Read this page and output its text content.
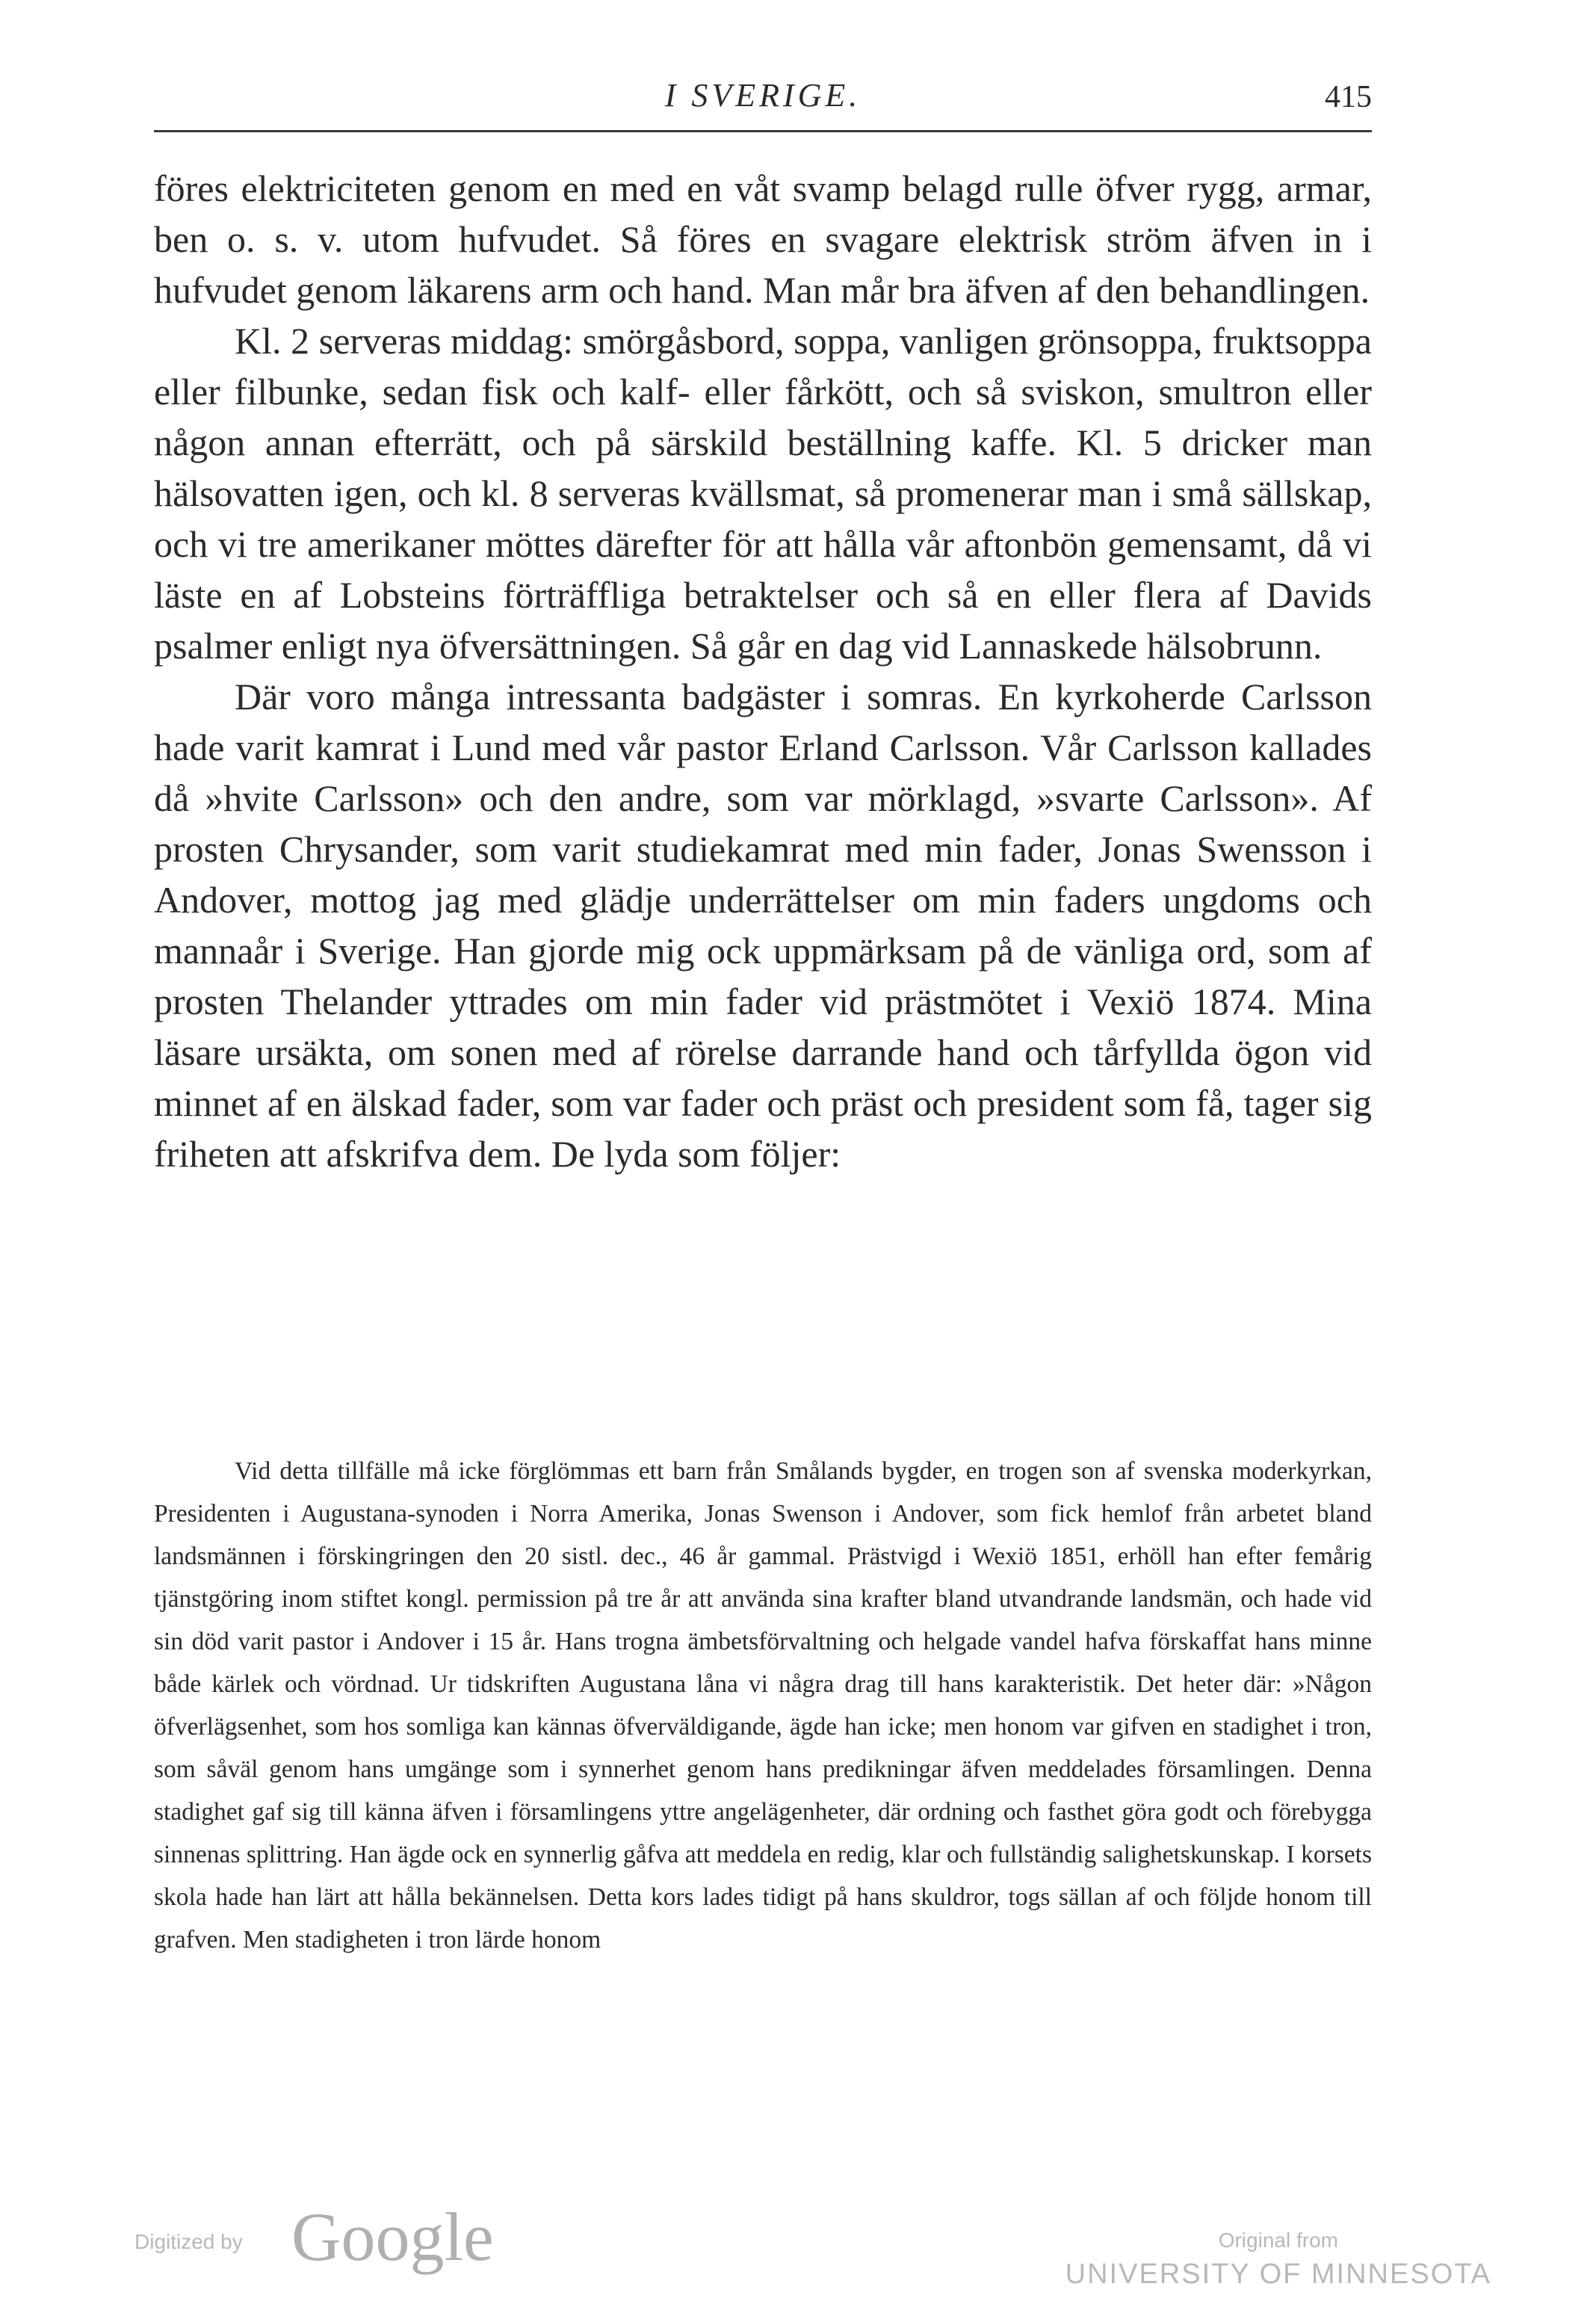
I SVERIGE.	415

föres elektriciteten genom en med en våt svamp belagd rulle öfver rygg, armar, ben o. s. v. utom hufvudet. Så föres en svagare elektrisk ström äfven in i hufvudet genom läkarens arm och hand. Man mår bra äfven af den behandlingen.

Kl. 2 serveras middag: smörgåsbord, soppa, vanligen grönsoppa, fruktsoppa eller filbunke, sedan fisk och kalf- eller fårkött, och så sviskon, smultron eller någon annan efterrätt, och på särskild beställning kaffe. Kl. 5 dricker man hälsovatten igen, och kl. 8 serveras kvällsmat, så promenerar man i små sällskap, och vi tre amerikaner möttes därefter för att hålla vår aftonbön gemensamt, då vi läste en af Lobsteins förträffliga betraktelser och så en eller flera af Davids psalmer enligt nya öfversättningen. Så går en dag vid Lannaskede hälsobrunn.

Där voro många intressanta badgäster i somras. En kyrkoherde Carlsson hade varit kamrat i Lund med vår pastor Erland Carlsson. Vår Carlsson kallades då »hvite Carlsson» och den andre, som var mörklagd, »svarte Carlsson». Af prosten Chrysander, som varit studiekamrat med min fader, Jonas Swensson i Andover, mottog jag med glädje underrättelser om min faders ungdoms och mannaår i Sverige. Han gjorde mig ock uppmärksam på de vänliga ord, som af prosten Thelander yttrades om min fader vid prästmötet i Vexiö 1874. Mina läsare ursäkta, om sonen med af rörelse darrande hand och tårfyllda ögon vid minnet af en älskad fader, som var fader och präst och president som få, tager sig friheten att afskrifva dem. De lyda som följer:

Vid detta tillfälle må icke förglömmas ett barn från Smålands bygder, en trogen son af svenska moderkyrkan, Presidenten i Augustana-synoden i Norra Amerika, Jonas Swenson i Andover, som fick hemlof från arbetet bland landsmännen i förskingringen den 20 sistl. dec., 46 år gammal. Prästvigd i Wexiö 1851, erhöll han efter femårig tjänstgöring inom stiftet kongl. permission på tre år att använda sina krafter bland utvandrande landsmän, och hade vid sin död varit pastor i Andover i 15 år. Hans trogna ämbetsförvaltning och helgade vandel hafva förskaffat hans minne både kärlek och vördnad. Ur tidskriften Augustana låna vi några drag till hans karakteristik. Det heter där: »Någon öfverlägsenhet, som hos somliga kan kännas öfverväldigande, ägde han icke; men honom var gifven en stadighet i tron, som såväl genom hans umgänge som i synnerhet genom hans predikningar äfven meddelades församlingen. Denna stadighet gaf sig till känna äfven i församlingens yttre angelägenheter, där ordning och fasthet göra godt och förebygga sinnenas splittring. Han ägde ock en synnerlig gåfva att meddela en redig, klar och fullständig salighetskunskap. I korsets skola hade han lärt att hålla bekännelsen. Detta kors lades tidigt på hans skuldror, togs sällan af och följde honom till grafven. Men stadigheten i tron lärde honom

Digitized by Google	Original from
UNIVERSITY OF MINNESOTA
